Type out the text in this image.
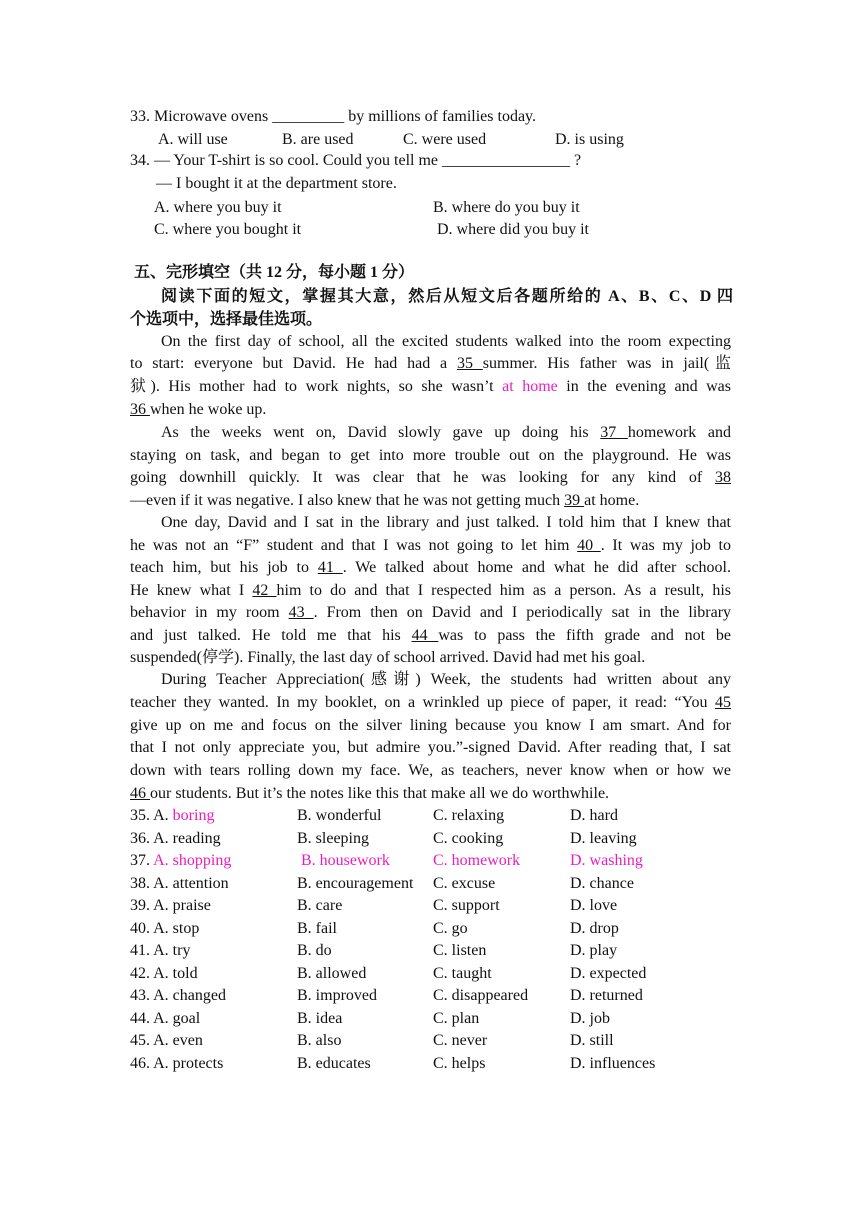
33. Microwave ovens _________ by millions of families today.
A. will use	B. are used	C. were used	D. is using
34. — Your T-shirt is so cool. Could you tell me ________________ ?
— I bought it at the department store.
A. where you buy it	B. where do you buy it
C. where you bought it	D. where did you buy it
五、完形填空（共 12 分，每小题 1 分）
阅读下面的短文，掌握其大意，然后从短文后各题所给的 A、B、C、D 四
个选项中，选择最佳选项。
On the first day of school, all the excited students walked into the room expecting
to start: everyone but David. He had had a 35 summer. His father was in jail(监
狱). His mother had to work nights, so she wasn’t at home in the evening and was
36 when he woke up.
As the weeks went on, David slowly gave up doing his 37 homework and
staying on task, and began to get into more trouble out on the playground. He was
going downhill quickly. It was clear that he was looking for any kind of 38
—even if it was negative. I also knew that he was not getting much 39 at home.
One day, David and I sat in the library and just talked. I told him that I knew that
he was not an “F” student and that I was not going to let him 40 . It was my job to
teach him, but his job to 41 . We talked about home and what he did after school.
He knew what I 42 him to do and that I respected him as a person. As a result, his
behavior in my room 43 . From then on David and I periodically sat in the library
and just talked. He told me that his 44 was to pass the fifth grade and not be
suspended(停学). Finally, the last day of school arrived. David had met his goal.
During Teacher Appreciation(感谢) Week, the students had written about any
teacher they wanted. In my booklet, on a wrinkled up piece of paper, it read: “You 45
give up on me and focus on the silver lining because you know I am smart. And for
that I not only appreciate you, but admire you.”-signed David. After reading that, I sat
down with tears rolling down my face. We, as teachers, never know when or how we
46 our students. But it’s the notes like this that make all we do worthwhile.
35. A. boring	B. wonderful	C. relaxing	D. hard
36. A. reading	B. sleeping	C. cooking	D. leaving
37. A. shopping	B. housework	C. homework	D. washing
38. A. attention	B. encouragement C. excuse	D. chance
39. A. praise	B. care	C. support	D. love
40. A. stop	B. fail	C. go	D. drop
41. A. try	B. do	C. listen	D. play
42. A. told	B. allowed	C. taught	D. expected
43. A. changed	B. improved	C. disappeared	D. returned
44. A. goal	B. idea	C. plan	D. job
45. A. even	B. also	C. never	D. still
46. A. protects	B. educates	C. helps	D. influences
